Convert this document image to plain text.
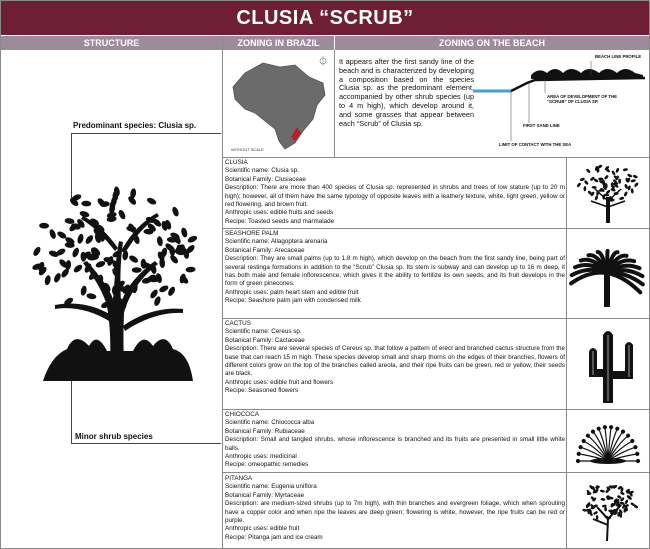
CLUSIA “SCRUB”
STRUCTURE	ZONING IN BRAZIL	ZONING ON THE BEACH
Predominant species: Clusia sp.
Minor shrub species
WITHOUT SCALE
It appears after the first sandy line of the beach and is characterized by developing a composition based on the species Clusia sp. as the predominant element, accompanied by other shrub species (up to 4 m high), which develop around it, and some grasses that appear between each “Scrub” of Clusia sp.
BEACH LINE PROFILE
AREA OF DEVELOPMENT OF THE “SCRUB” OF CLUSIA SP.
FIRST SAND LINE
LIMIT OF CONTACT WITH THE SEA

CLUSIA

Scientific name: Clusia sp.

Botanical Family: Clusiaceae

Description: There are more than 400 species of Clusia sp. represented in shrubs and trees of low stature (up to 20 m high); however, all of them have the same typology of opposite leaves with a leathery texture, white, light green, yellow or red flowering, and brown fruit.

Anthropic uses: edible fruits and seeds

Recipe: Toasted seeds and marmalade

SEASHORE PALM

Scientific name: Allagoptera arenaria

Botanical Family: Arecaceae

Description: They are small palms (up to 1.8 m high), which develop on the beach from the first sandy line, being part of several restinga formations in addition to the “Scrub” Clusia sp. Its stem is subway and can develop up to 16 m deep, it has both male and female inflorescence, which gives it the ability to fertilize its own seeds, and its fruit develops in the form of green pinecones.

Anthropic uses: palm heart stem and edible fruit

Recipe: Seashore palm jam with condensed milk

CACTUS

Scientific name: Cereus sp.

Botanical Family: Cactaceae

Description: There are several species of Cereus sp. that follow a pattern of erect and branched cactus structure from the base that can reach 15 m high. These species develop small and sharp thorns on the edges of their branches, flowers of different colors grow on the top of the branches called areola, and their ripe fruits can be green, red or yellow, their seeds are black.

Anthropic uses: edible fruit and flowers

Recipe: Seasoned flowers

CHIOCOCA

Scientific name: Chiococca alba

Botanical Family: Rubiaceae

Description: Small and tangled shrubs, whose inflorescence is branched and its fruits are presented in small little white balls.

Anthropic uses: medicinal

Recipe: omeopathic remedies

PITANGA

Scientific name: Eugenia uniflora

Botanical Family: Myrtaceae

Description: are medium-sized shrubs (up to 7m high), with thin branches and evergreen foliage, which when sprouting have a copper color and when ripe the leaves are deep green; flowering is white, however, the ripe fruits can be red or purple.

Anthropic uses: edible fruit

Recipe: Pitanga jam and ice cream
